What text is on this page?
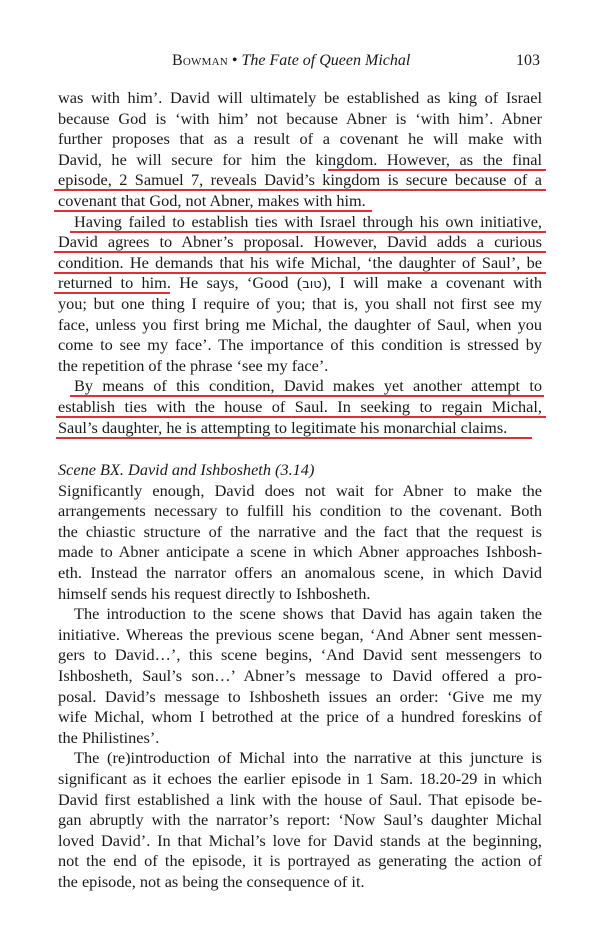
Bowman • The Fate of Queen Michal	103
was with him’. David will ultimately be established as king of Israel
because God is ‘with him’ not because Abner is ‘with him’. Abner
further proposes that as a result of a covenant he will make with
David, he will secure for him the kingdom. However, as the final
episode, 2 Samuel 7, reveals David’s kingdom is secure because of a
covenant that God, not Abner, makes with him.
Having failed to establish ties with Israel through his own initiative,
David agrees to Abner’s proposal. However, David adds a curious
condition. He demands that his wife Michal, ‘the daughter of Saul’, be
returned to him. He says, ‘Good (טוב), I will make a covenant with
you; but one thing I require of you; that is, you shall not first see my
face, unless you first bring me Michal, the daughter of Saul, when you
come to see my face’. The importance of this condition is stressed by
the repetition of the phrase ‘see my face’.
By means of this condition, David makes yet another attempt to
establish ties with the house of Saul. In seeking to regain Michal,
Saul’s daughter, he is attempting to legitimate his monarchial claims.
Scene BX. David and Ishbosheth (3.14)
Significantly enough, David does not wait for Abner to make the
arrangements necessary to fulfill his condition to the covenant. Both
the chiastic structure of the narrative and the fact that the request is
made to Abner anticipate a scene in which Abner approaches Ishbosh-
eth. Instead the narrator offers an anomalous scene, in which David
himself sends his request directly to Ishbosheth.
The introduction to the scene shows that David has again taken the
initiative. Whereas the previous scene began, ‘And Abner sent messen-
gers to David…’, this scene begins, ‘And David sent messengers to
Ishbosheth, Saul’s son…’ Abner’s message to David offered a pro-
posal. David’s message to Ishbosheth issues an order: ‘Give me my
wife Michal, whom I betrothed at the price of a hundred foreskins of
the Philistines’.
The (re)introduction of Michal into the narrative at this juncture is
significant as it echoes the earlier episode in 1 Sam. 18.20-29 in which
David first established a link with the house of Saul. That episode be-
gan abruptly with the narrator’s report: ‘Now Saul’s daughter Michal
loved David’. In that Michal’s love for David stands at the beginning,
not the end of the episode, it is portrayed as generating the action of
the episode, not as being the consequence of it.
